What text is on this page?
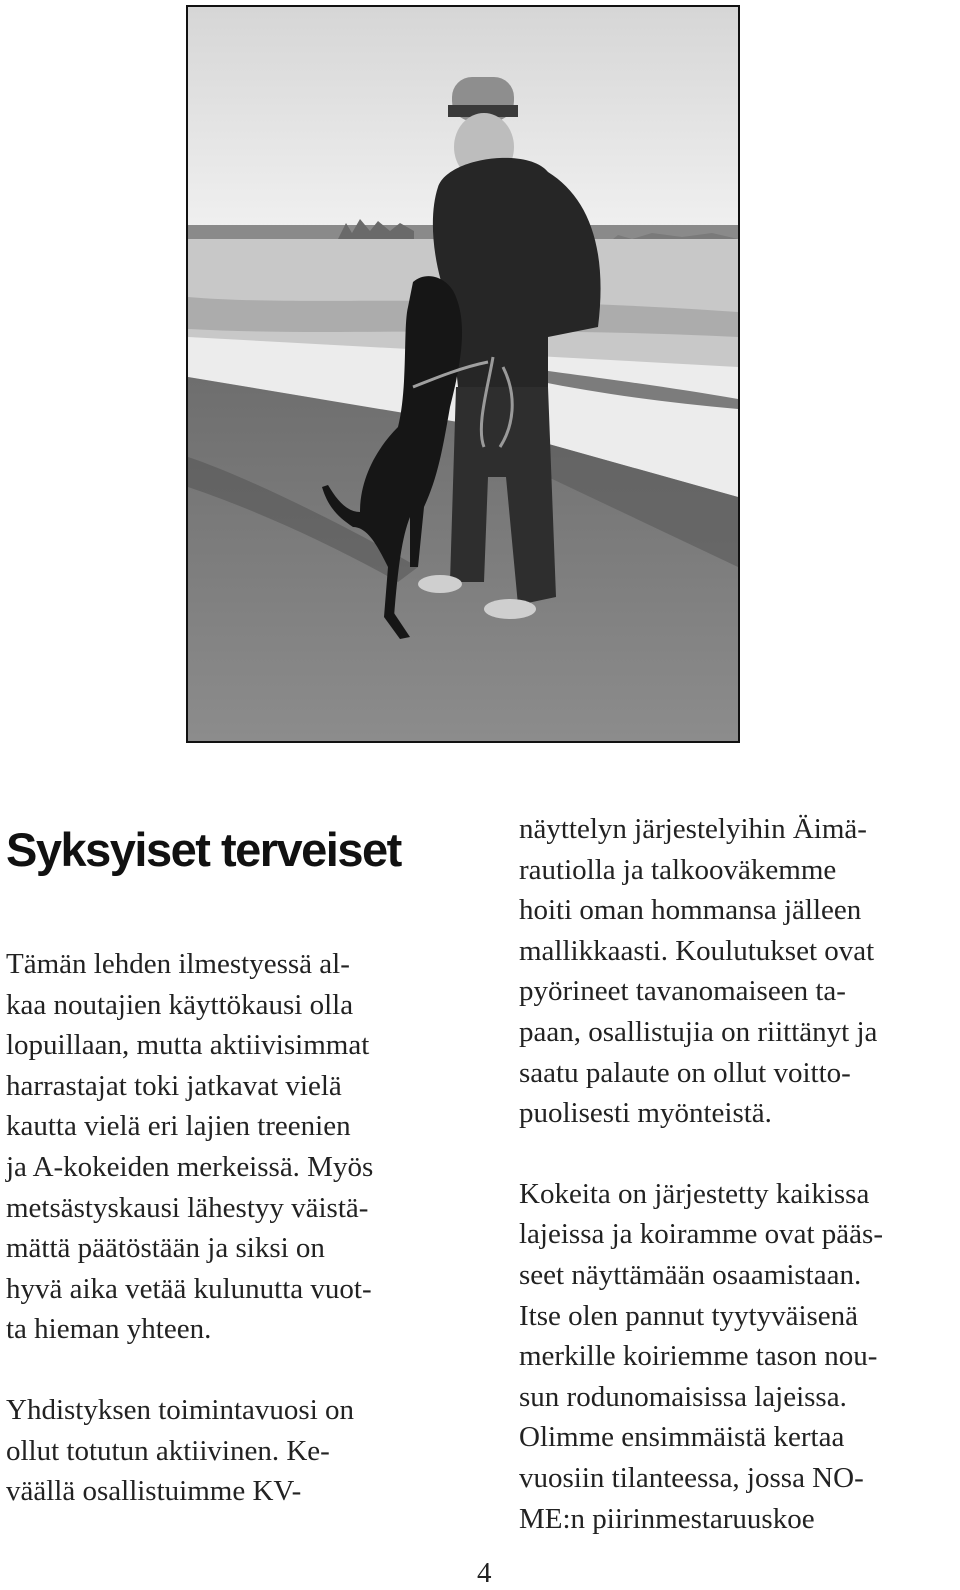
Syksyiset terveiset

Tämän lehden ilmestyessä al-
kaa noutajien käyttökausi olla
lopuillaan, mutta aktiivisimmat
harrastajat toki jatkavat vielä
kautta vielä eri lajien treenien
ja A-kokeiden merkeissä. Myös
metsästyskausi lähestyy väistä-
mättä päätöstään ja siksi on
hyvä aika vetää kulunutta vuot-
ta hieman yhteen.

Yhdistyksen toimintavuosi on
ollut totutun aktiivinen. Ke-
väällä osallistuimme KV-

näyttelyn järjestelyihin Äimä-
rautiolla ja talkooväkemme
hoiti oman hommansa jälleen
mallikkaasti. Koulutukset ovat
pyörineet tavanomaiseen ta-
paan, osallistujia on riittänyt ja
saatu palaute on ollut voitto-
puolisesti myönteistä.

Kokeita on järjestetty kaikissa
lajeissa ja koiramme ovat pääs-
seet näyttämään osaamistaan.
Itse olen pannut tyytyväisenä
merkille koiriemme tason nou-
sun rodunomaisissa lajeissa.
Olimme ensimmäistä kertaa
vuosiin tilanteessa, jossa NO-
ME:n piirinmestaruuskoe

4
